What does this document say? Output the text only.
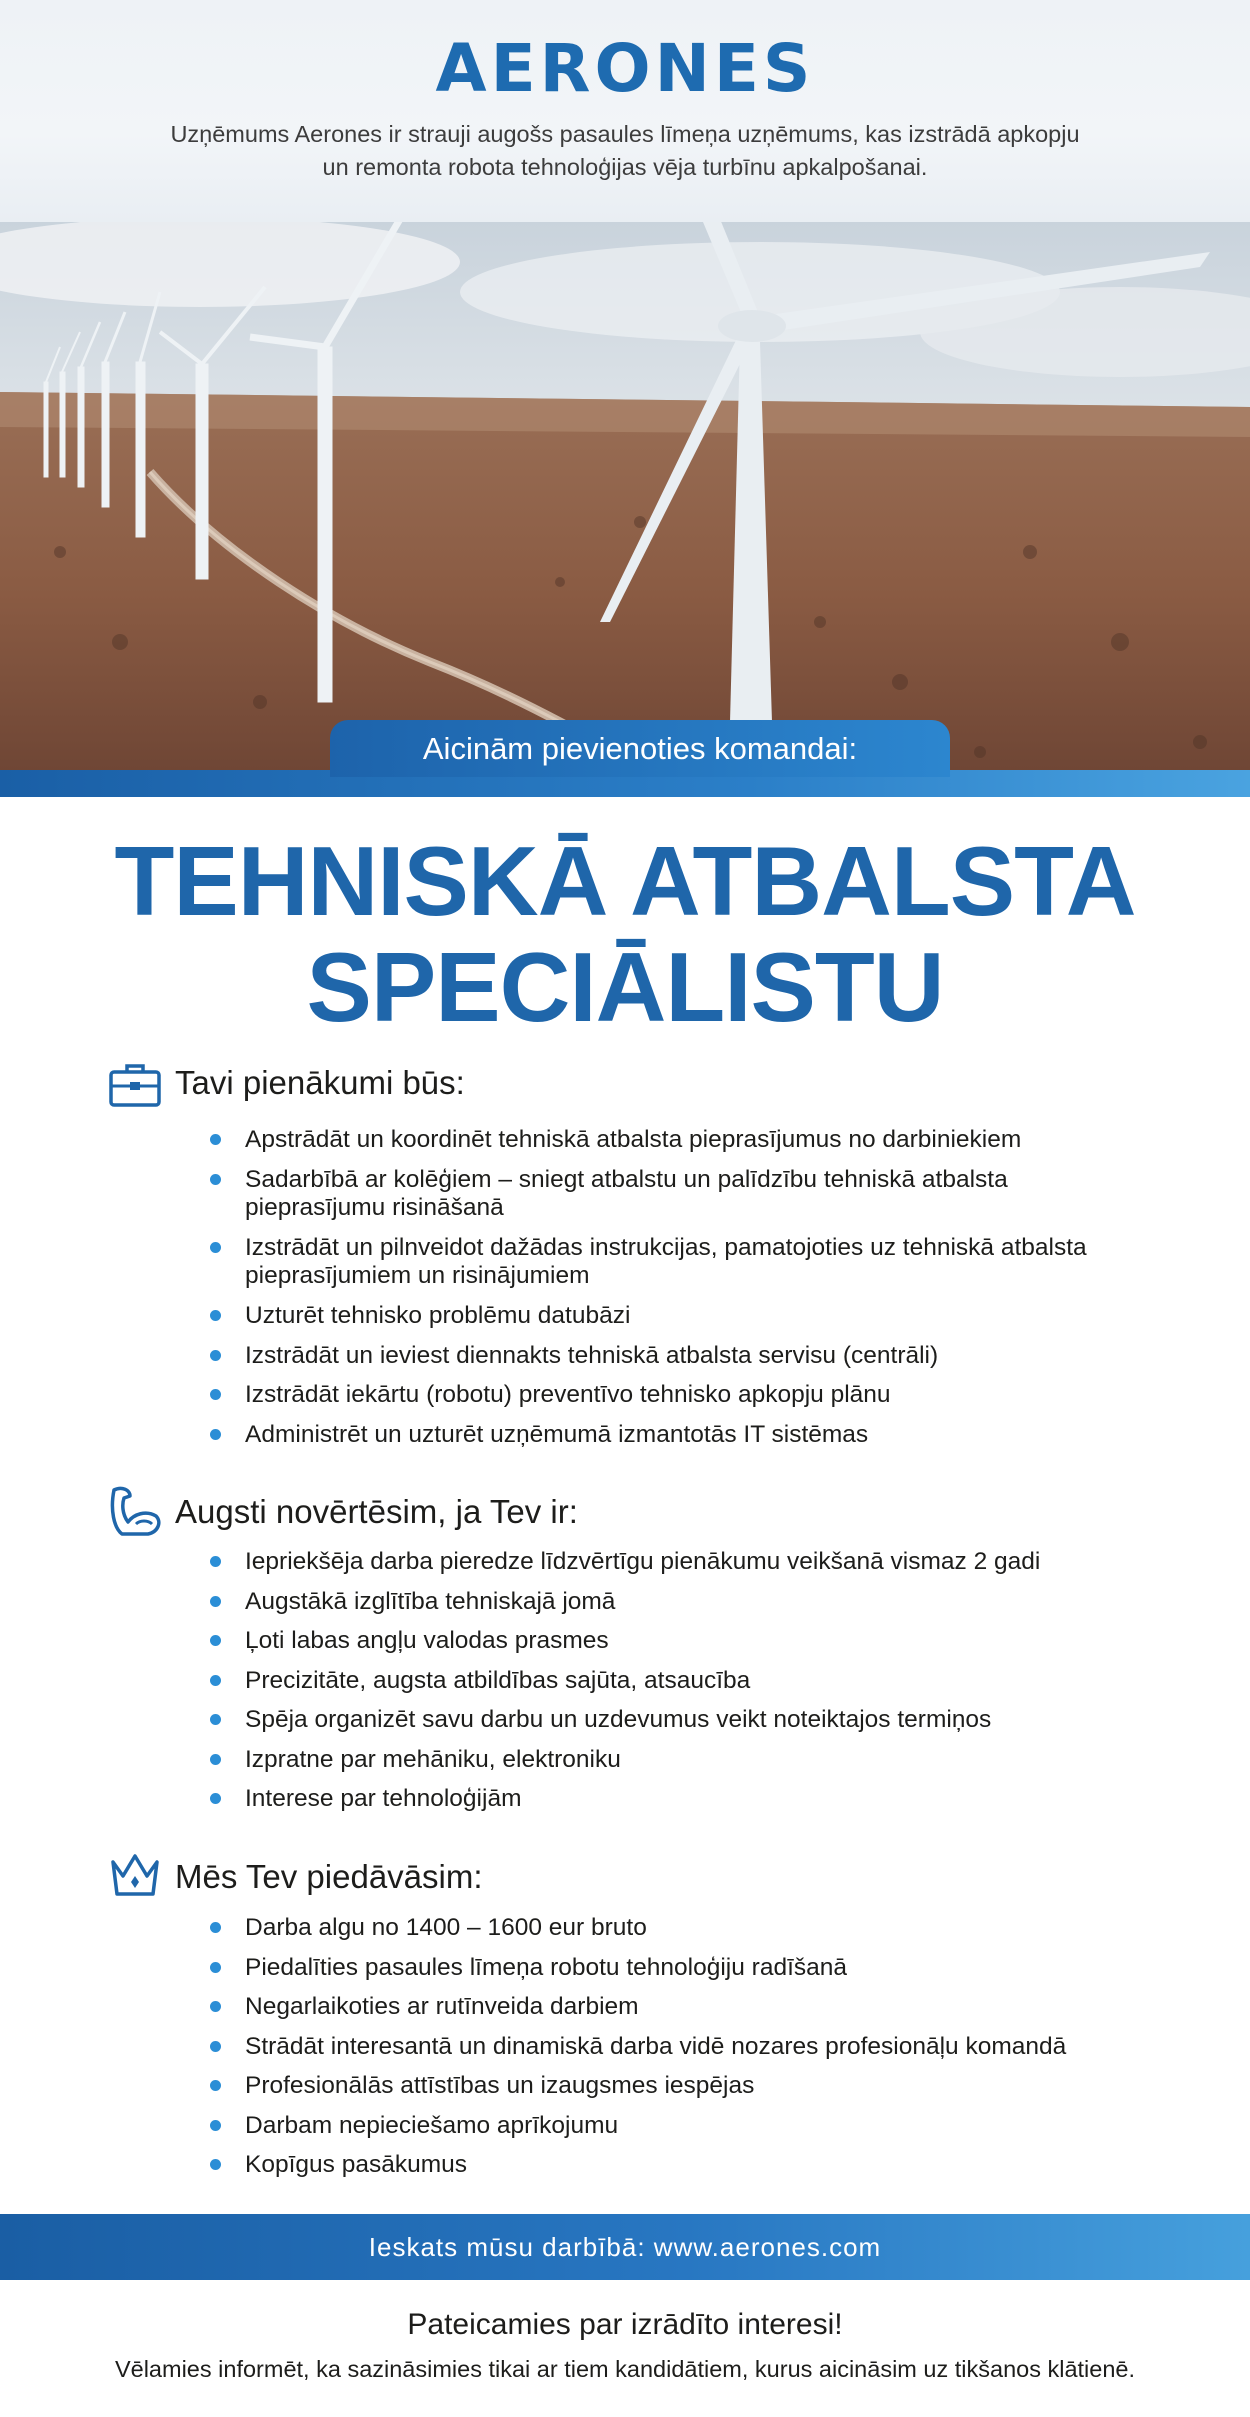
AERONES
Uzņēmums Aerones ir strauji augošs pasaules līmeņa uzņēmums, kas izstrādā apkopju
un remonta robota tehnoloģijas vēja turbīnu apkalpošanai.
Aicinām pievienoties komandai:
TEHNISKĀ ATBALSTA
SPECIĀLISTU
Tavi pienākumi būs:
Apstrādāt un koordinēt tehniskā atbalsta pieprasījumus no darbiniekiem
Sadarbībā ar kolēģiem – sniegt atbalstu un palīdzību tehniskā atbalsta pieprasījumu risināšanā
Izstrādāt un pilnveidot dažādas instrukcijas, pamatojoties uz tehniskā atbalsta pieprasījumiem un risinājumiem
Uzturēt tehnisko problēmu datubāzi
Izstrādāt un ieviest diennakts tehniskā atbalsta servisu (centrāli)
Izstrādāt iekārtu (robotu) preventīvo tehnisko apkopju plānu
Administrēt un uzturēt uzņēmumā izmantotās IT sistēmas
Augsti novērtēsim, ja Tev ir:
Iepriekšēja darba pieredze līdzvērtīgu pienākumu veikšanā vismaz 2 gadi
Augstākā izglītība tehniskajā jomā
Ļoti labas angļu valodas prasmes
Precizitāte, augsta atbildības sajūta, atsaucība
Spēja organizēt savu darbu un uzdevumus veikt noteiktajos termiņos
Izpratne par mehāniku, elektroniku
Interese par tehnoloģijām
Mēs Tev piedāvāsim:
Darba algu no 1400 – 1600 eur bruto
Piedalīties pasaules līmeņa robotu tehnoloģiju radīšanā
Negarlaikoties ar rutīnveida darbiem
Strādāt interesantā un dinamiskā darba vidē nozares profesionāļu komandā
Profesionālās attīstības un izaugsmes iespējas
Darbam nepieciešamo aprīkojumu
Kopīgus pasākumus
Ieskats mūsu darbībā: www.aerones.com
Pateicamies par izrādīto interesi!
Vēlamies informēt, ka sazināsimies tikai ar tiem kandidātiem, kurus aicināsim uz tikšanos klātienē.
